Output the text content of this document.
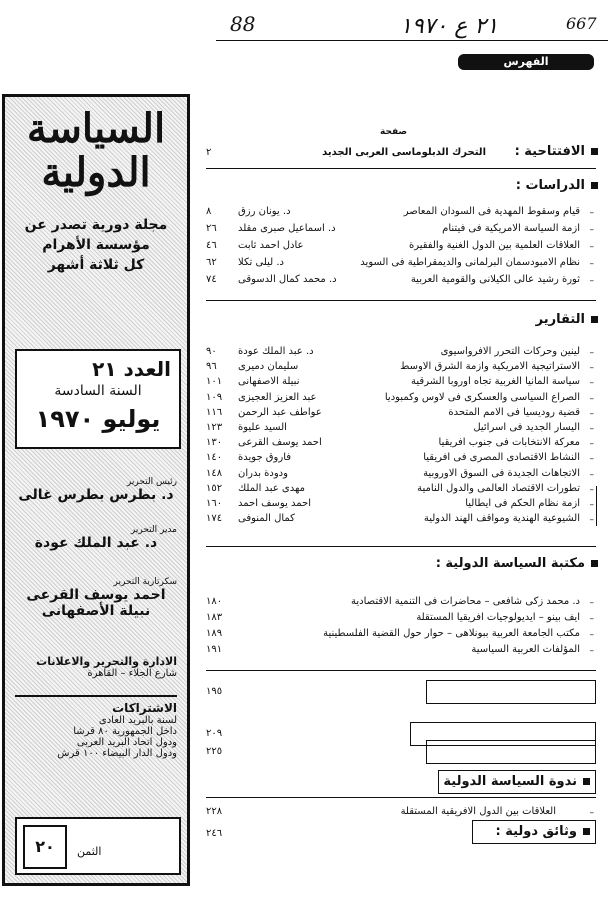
88	٢١ ع ١٩٧٠	667
السياسة
الدولية
مجلة دورية تصدر عن
مؤسسة الأهرام
كل ثلاثة أشهر
العدد ٢١
السنة السادسة
يوليو ١٩٧٠
رئيس التحرير
د. بطرس بطرس غالى
مدير التحرير
د. عبد الملك عودة
سكرتارية التحرير
احمد يوسف القرعى
نبيلة الأصفهانى
الادارة والتحرير والاعلانات
شارع الجلاء – القاهرة
الاشتراكات
لسنة بالبريد العادى
داخل الجمهورية ٨٠ قرشا
ودول اتحاد البريد العربى
ودول الدار البيضاء ١٠٠ قرش
٢٠	الثمن
الفهرس
صفحة
الافتتاحية :
التحرك الدبلوماسى العربى الجديد
٢
الدراسات :
–
قيام وسقوط المهدية فى السودان المعاصر
د. يونان رزق
٨
–
ازمة السياسة الامريكية فى فيتنام
د. اسماعيل صبرى مقلد
٢٦
–
العلاقات العلمية بين الدول الغنية والفقيرة
عادل احمد ثابت
٤٦
–
نظام الامبودسمان البرلمانى والديمقراطية فى السويد
د. ليلى تكلا
٦٢
–
ثورة رشيد عالى الكيلانى والقومية العربية
د. محمد كمال الدسوقى
٧٤
التقارير
–
لينين وحركات التحرر الافرواسيوى
د. عبد الملك عودة
٩٠
–
الاستراتيجية الامريكية وازمة الشرق الاوسط
سليمان دميرى
٩٦
–
سياسة المانيا الغربية تجاه اوروبا الشرقية
نبيلة الاصفهانى
١٠١
–
الصراع السياسى والعسكرى فى لاوس وكمبوديا
عبد العزيز العجيزى
١٠٩
–
قضية روديسيا فى الامم المتحدة
عواطف عبد الرحمن
١١٦
–
اليسار الجديد فى اسرائيل
السيد عليوة
١٢٣
–
معركة الانتخابات فى جنوب افريقيا
احمد يوسف القرعى
١٣٠
–
النشاط الاقتصادى المصرى فى افريقيا
فاروق جويدة
١٤٠
–
الاتجاهات الجديدة فى السوق الاوروبية
ودودة بدران
١٤٨
–
تطورات الاقتصاد العالمى والدول النامية
مهدى عبد الملك
١٥٢
–
ازمة نظام الحكم فى ايطاليا
احمد يوسف احمد
١٦٠
–
الشيوعية الهندية ومواقف الهند الدولية
كمال المنوفى
١٧٤
مكتبة السياسة الدولية :
–
د. محمد زكى شافعى – محاضرات فى التنمية الاقتصادية
١٨٠
–
ايف بينو – ايديولوجيات افريقيا المستقلة
١٨٣
–
مكتب الجامعة العربية ببونلاهى – حوار حول القضية الفلسطينية
١٨٩
–
المؤلفات العربية السياسية
١٩١
١٩٥
٢٠٩
٢٢٥
ندوة السياسة الدولية
–
العلاقات بين الدول الافريقية المستقلة
٢٢٨
وثائق دولية :
٢٤٦
